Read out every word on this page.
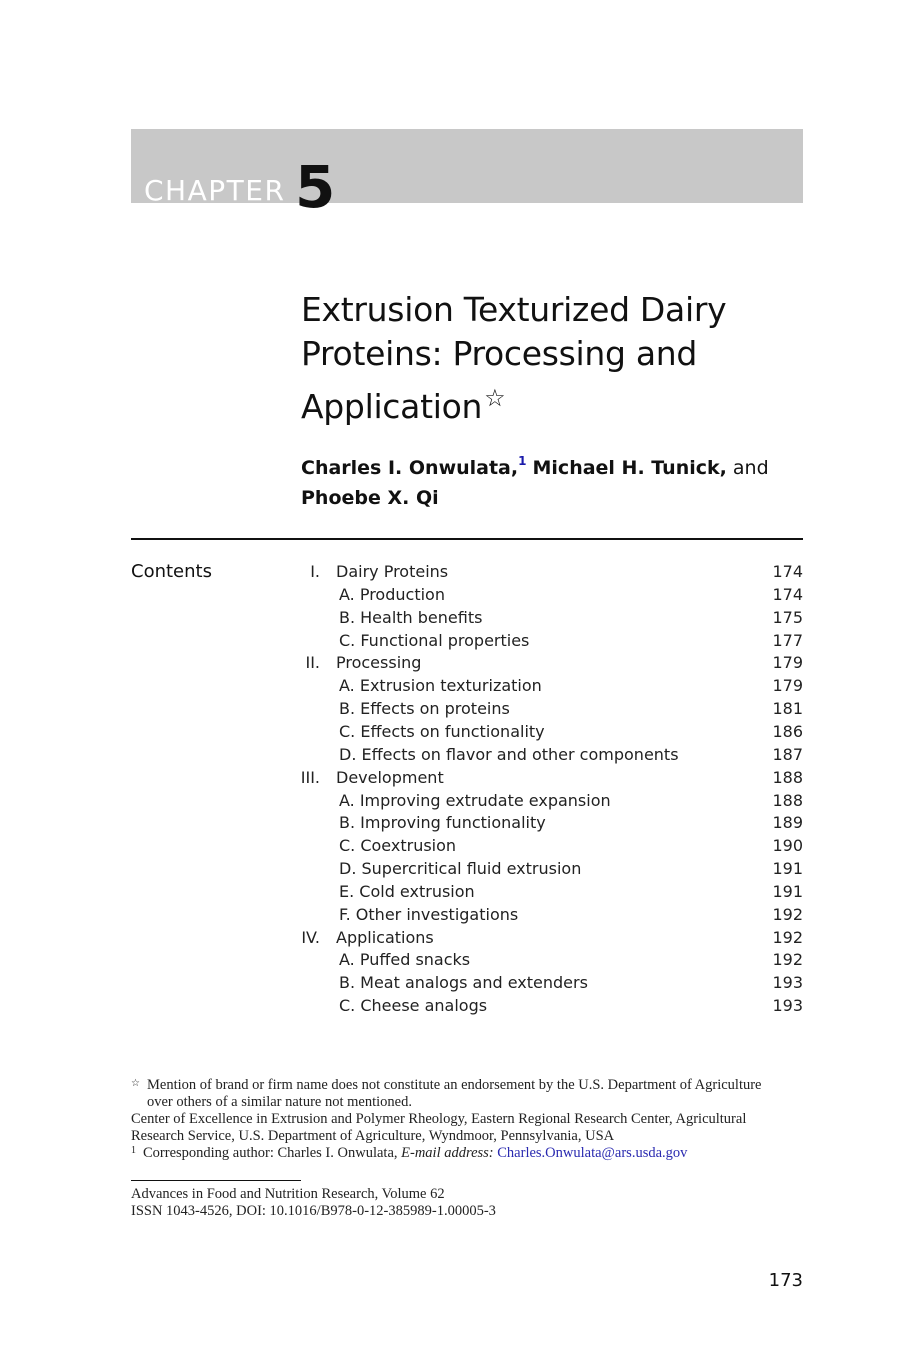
CHAPTER 5
Extrusion Texturized Dairy
Proteins: Processing and
Application☆
Charles I. Onwulata,$^1$ Michael H. Tunick, and
Phoebe X. Qi
Contents	I. Dairy Proteins	174
A. Production	174
B. Health benefits	175
C. Functional properties	177
II. Processing	179
A. Extrusion texturization	179
B. Effects on proteins	181
C. Effects on functionality	186
D. Effects on flavor and other components	187
III. Development	188
A. Improving extrudate expansion	188
B. Improving functionality	189
C. Coextrusion	190
D. Supercritical fluid extrusion	191
E. Cold extrusion	191
F. Other investigations	192
IV. Applications	192
A. Puffed snacks	192
B. Meat analogs and extenders	193
C. Cheese analogs	193
☆ Mention of brand or firm name does not constitute an endorsement by the U.S. Department of Agriculture
over others of a similar nature not mentioned.
Center of Excellence in Extrusion and Polymer Rheology, Eastern Regional Research Center, Agricultural
Research Service, U.S. Department of Agriculture, Wyndmoor, Pennsylvania, USA
1 Corresponding author: Charles I. Onwulata, E-mail address: Charles.Onwulata@ars.usda.gov
Advances in Food and Nutrition Research, Volume 62
ISSN 1043-4526, DOI: 10.1016/B978-0-12-385989-1.00005-3
173
